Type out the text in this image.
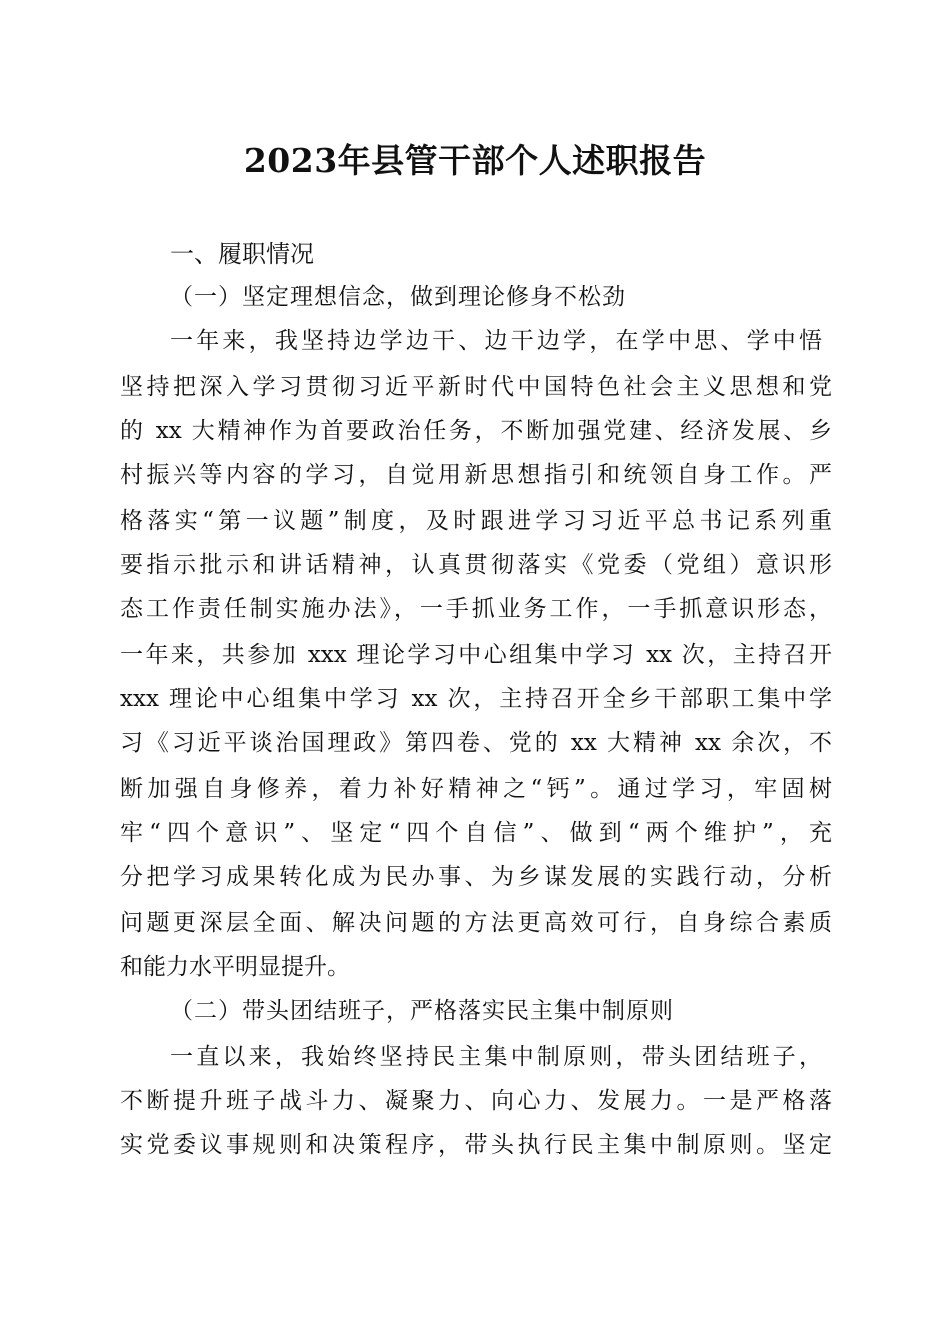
2023年县管干部个人述职报告
一、履职情况
（一）坚定理想信念，做到理论修身不松劲
一年来，我坚持边学边干、边干边学，在学中思、学中悟
坚持把深入学习贯彻习近平新时代中国特色社会主义思想和党
的 xx 大精神作为首要政治任务，不断加强党建、经济发展、乡
村振兴等内容的学习，自觉用新思想指引和统领自身工作。严
格落实“第一议题”制度，及时跟进学习习近平总书记系列重
要指示批示和讲话精神，认真贯彻落实《党委（党组）意识形
态工作责任制实施办法》，一手抓业务工作，一手抓意识形态，
一年来，共参加 xxx 理论学习中心组集中学习 xx 次，主持召开
xxx 理论中心组集中学习 xx 次，主持召开全乡干部职工集中学
习《习近平谈治国理政》第四卷、党的 xx 大精神 xx 余次，不
断加强自身修养，着力补好精神之“钙”。通过学习，牢固树
牢“四个意识”、坚定“四个自信”、做到“两个维护”，充
分把学习成果转化成为民办事、为乡谋发展的实践行动，分析
问题更深层全面、解决问题的方法更高效可行，自身综合素质
和能力水平明显提升。
（二）带头团结班子，严格落实民主集中制原则
一直以来，我始终坚持民主集中制原则，带头团结班子，
不断提升班子战斗力、凝聚力、向心力、发展力。一是严格落
实党委议事规则和决策程序，带头执行民主集中制原则。坚定
